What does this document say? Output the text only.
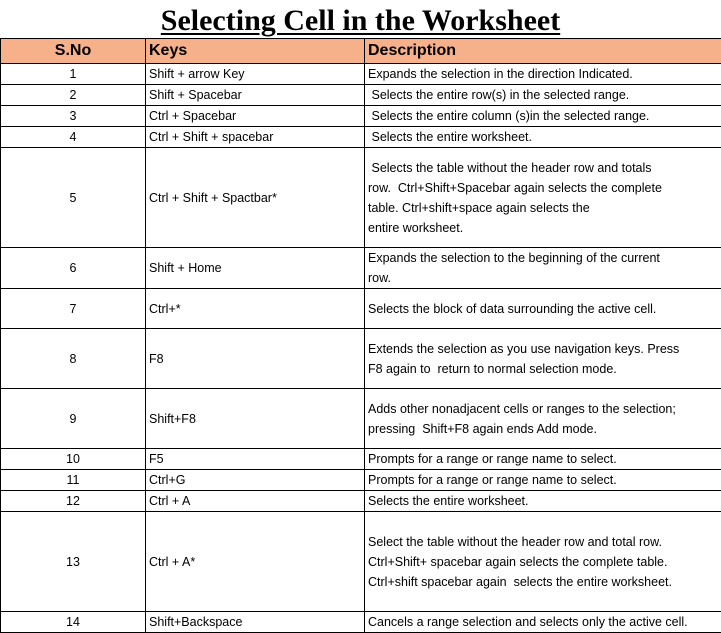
Selecting Cell in the Worksheet
S.No	Keys	Description
1	Shift + arrow Key	Expands the selection in the direction Indicated.
2	Shift + Spacebar	Selects the entire row(s) in the selected range.
3	Ctrl + Spacebar	Selects the entire column (s)in the selected range.
4	Ctrl + Shift + spacebar	Selects the entire worksheet.
5	Ctrl + Shift + Spactbar*	Selects the table without the header row and totals
row.  Ctrl+Shift+Spacebar again selects the complete
table. Ctrl+shift+space again selects the
entire worksheet.
6	Shift + Home	Expands the selection to the beginning of the current
row.
7	Ctrl+*	Selects the block of data surrounding the active cell.
8	F8	Extends the selection as you use navigation keys. Press
F8 again to  return to normal selection mode.
9	Shift+F8	Adds other nonadjacent cells or ranges to the selection;
pressing  Shift+F8 again ends Add mode.
10	F5	Prompts for a range or range name to select.
11	Ctrl+G	Prompts for a range or range name to select.
12	Ctrl + A	Selects the entire worksheet.
13	Ctrl + A*	Select the table without the header row and total row.
Ctrl+Shift+ spacebar again selects the complete table.
Ctrl+shift spacebar again  selects the entire worksheet.
14	Shift+Backspace	Cancels a range selection and selects only the active cell.
